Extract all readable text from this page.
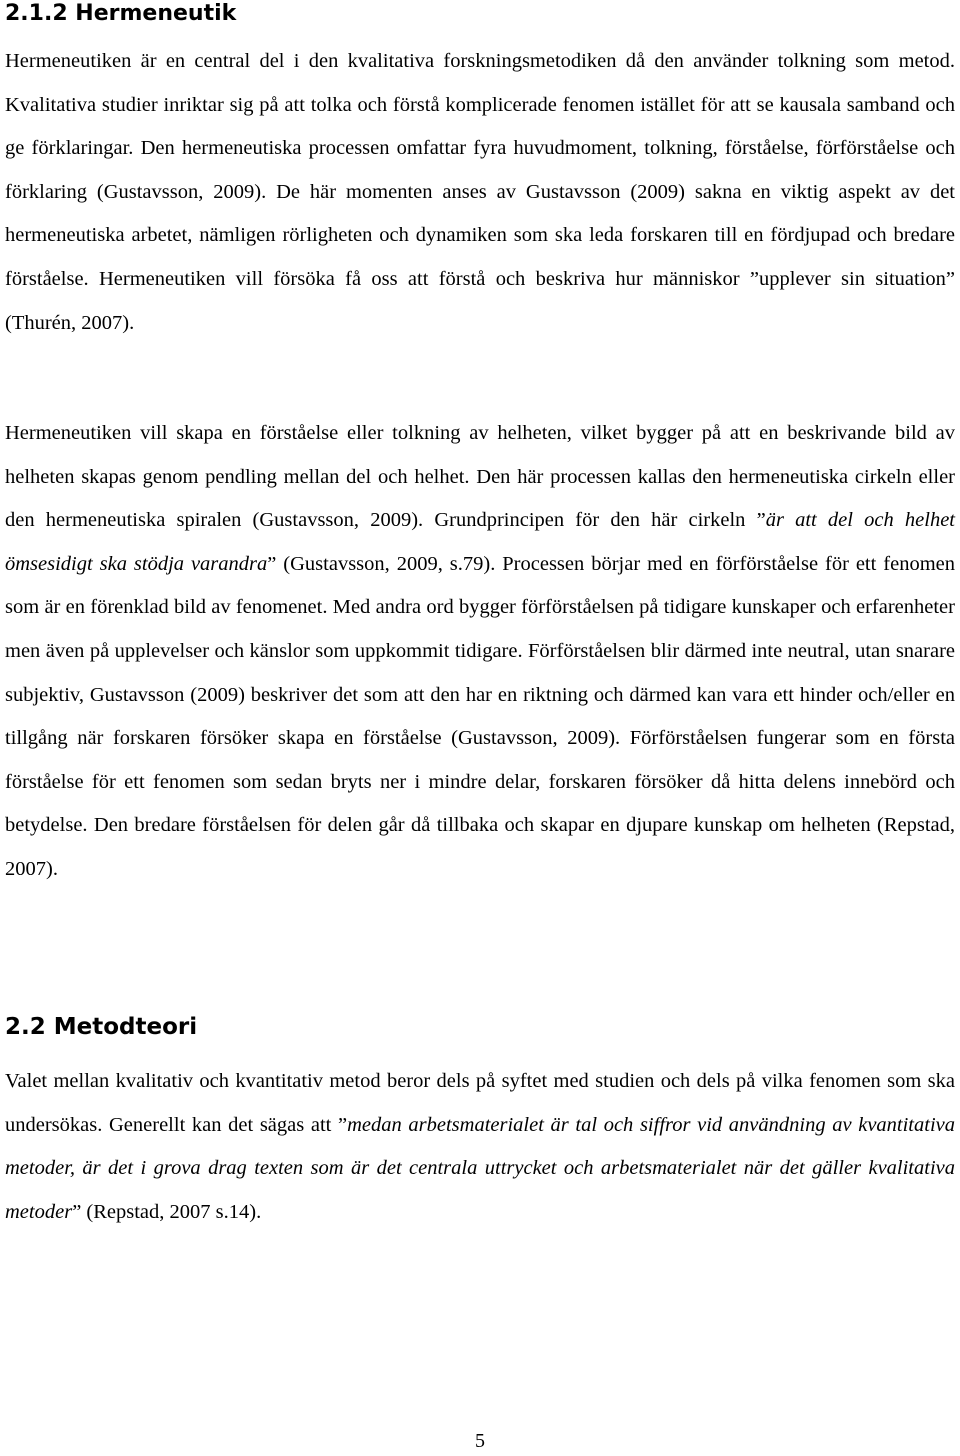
2.1.2 Hermeneutik

Hermeneutiken är en central del i den kvalitativa forskningsmetodiken då den använder tolkning som metod. Kvalitativa studier inriktar sig på att tolka och förstå komplicerade fenomen istället för att se kausala samband och ge förklaringar. Den hermeneutiska processen omfattar fyra huvudmoment, tolkning, förståelse, förförståelse och förklaring (Gustavsson, 2009). De här momenten anses av Gustavsson (2009) sakna en viktig aspekt av det hermeneutiska arbetet, nämligen rörligheten och dynamiken som ska leda forskaren till en fördjupad och bredare förståelse. Hermeneutiken vill försöka få oss att förstå och beskriva hur människor ”upplever sin situation” (Thurén, 2007).

Hermeneutiken vill skapa en förståelse eller tolkning av helheten, vilket bygger på att en beskrivande bild av helheten skapas genom pendling mellan del och helhet. Den här processen kallas den hermeneutiska cirkeln eller den hermeneutiska spiralen (Gustavsson, 2009). Grundprincipen för den här cirkeln ”är att del och helhet ömsesidigt ska stödja varandra” (Gustavsson, 2009, s.79). Processen börjar med en förförståelse för ett fenomen som är en förenklad bild av fenomenet. Med andra ord bygger förförståelsen på tidigare kunskaper och erfarenheter men även på upplevelser och känslor som uppkommit tidigare. Förförståelsen blir därmed inte neutral, utan snarare subjektiv, Gustavsson (2009) beskriver det som att den har en riktning och därmed kan vara ett hinder och/eller en tillgång när forskaren försöker skapa en förståelse (Gustavsson, 2009). Förförståelsen fungerar som en första förståelse för ett fenomen som sedan bryts ner i mindre delar, forskaren försöker då hitta delens innebörd och betydelse. Den bredare förståelsen för delen går då tillbaka och skapar en djupare kunskap om helheten (Repstad, 2007).

2.2 Metodteori

Valet mellan kvalitativ och kvantitativ metod beror dels på syftet med studien och dels på vilka fenomen som ska undersökas. Generellt kan det sägas att ”medan arbetsmaterialet är tal och siffror vid användning av kvantitativa metoder, är det i grova drag texten som är det centrala uttrycket och arbetsmaterialet när det gäller kvalitativa metoder” (Repstad, 2007 s.14).

5
